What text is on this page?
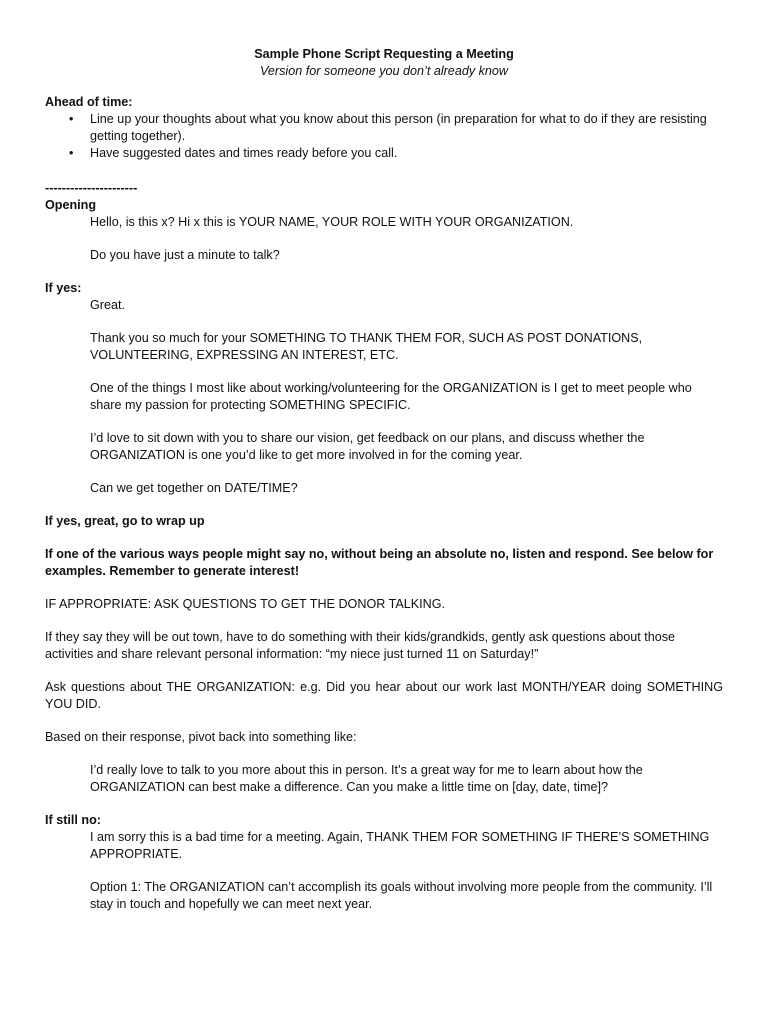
Sample Phone Script Requesting a Meeting

Version for someone you don’t already know

Ahead of time:

• Line up your thoughts about what you know about this person (in preparation for what to do if they are resisting getting together).
• Have suggested dates and times ready before you call.

----------------------

Opening

Hello, is this x? Hi x this is YOUR NAME, YOUR ROLE WITH YOUR ORGANIZATION.

Do you have just a minute to talk?

If yes:

Great.

Thank you so much for your SOMETHING TO THANK THEM FOR, SUCH AS POST DONATIONS, VOLUNTEERING, EXPRESSING AN INTEREST, ETC.

One of the things I most like about working/volunteering for the ORGANIZATION is I get to meet people who share my passion for protecting SOMETHING SPECIFIC.

I’d love to sit down with you to share our vision, get feedback on our plans, and discuss whether the ORGANIZATION is one you’d like to get more involved in for the coming year.

Can we get together on DATE/TIME?

If yes, great, go to wrap up

If one of the various ways people might say no, without being an absolute no, listen and respond. See below for examples. Remember to generate interest!

IF APPROPRIATE: ASK QUESTIONS TO GET THE DONOR TALKING.

If they say they will be out town, have to do something with their kids/grandkids, gently ask questions about those activities and share relevant personal information: “my niece just turned 11 on Saturday!”

Ask questions about THE ORGANIZATION: e.g. Did you hear about our work last MONTH/YEAR doing SOMETHING YOU DID.

Based on their response, pivot back into something like:

I’d really love to talk to you more about this in person. It’s a great way for me to learn about how the ORGANIZATION can best make a difference. Can you make a little time on [day, date, time]?

If still no:

I am sorry this is a bad time for a meeting. Again, THANK THEM FOR SOMETHING IF THERE’S SOMETHING APPROPRIATE.

Option 1: The ORGANIZATION can’t accomplish its goals without involving more people from the community. I’ll stay in touch and hopefully we can meet next year.
